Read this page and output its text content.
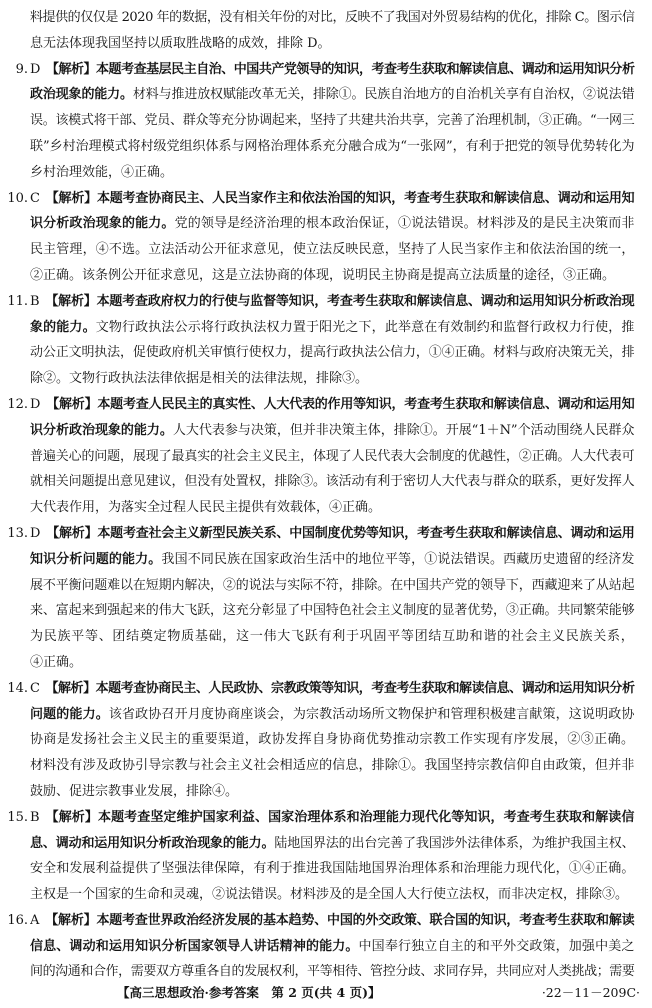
料提供的仅仅是 2020 年的数据，没有相关年份的对比，反映不了我国对外贸易结构的优化，排除 C。图示信
息无法体现我国坚持以质取胜战略的成效，排除 D。
9. D 【解析】本题考查基层民主自治、中国共产党领导的知识，考查考生获取和解读信息、调动和运用知识分析
政治现象的能力。材料与推进放权赋能改革无关，排除①。民族自治地方的自治机关享有自治权，②说法错
误。该模式将干部、党员、群众等充分协调起来，坚持了共建共治共享，完善了治理机制，③正确。“一网三
联”乡村治理模式将村级党组织体系与网格治理体系充分融合成为“一张网”，有利于把党的领导优势转化为
乡村治理效能，④正确。
10. C 【解析】本题考查协商民主、人民当家作主和依法治国的知识，考查考生获取和解读信息、调动和运用知
识分析政治现象的能力。党的领导是经济治理的根本政治保证，①说法错误。材料涉及的是民主决策而非
民主管理，④不选。立法活动公开征求意见，使立法反映民意，坚持了人民当家作主和依法治国的统一，
②正确。该条例公开征求意见，这是立法协商的体现，说明民主协商是提高立法质量的途径，③正确。
11. B 【解析】本题考查政府权力的行使与监督等知识，考查考生获取和解读信息、调动和运用知识分析政治现
象的能力。文物行政执法公示将行政执法权力置于阳光之下，此举意在有效制约和监督行政权力行使，推
动公正文明执法，促使政府机关审慎行使权力，提高行政执法公信力，①④正确。材料与政府决策无关，排
除②。文物行政执法法律依据是相关的法律法规，排除③。
12. D 【解析】本题考查人民民主的真实性、人大代表的作用等知识，考查考生获取和解读信息、调动和运用知
识分析政治现象的能力。人大代表参与决策，但并非决策主体，排除①。开展“1＋N”个活动围绕人民群众
普遍关心的问题，展现了最真实的社会主义民主，体现了人民代表大会制度的优越性，②正确。人大代表可
就相关问题提出意见建议，但没有处置权，排除③。该活动有利于密切人大代表与群众的联系，更好发挥人
大代表作用，为落实全过程人民民主提供有效载体，④正确。
13. D 【解析】本题考查社会主义新型民族关系、中国制度优势等知识，考查考生获取和解读信息、调动和运用
知识分析问题的能力。我国不同民族在国家政治生活中的地位平等，①说法错误。西藏历史遗留的经济发
展不平衡问题难以在短期内解决，②的说法与实际不符，排除。在中国共产党的领导下，西藏迎来了从站起
来、富起来到强起来的伟大飞跃，这充分彰显了中国特色社会主义制度的显著优势，③正确。共同繁荣能够
为民族平等、团结奠定物质基础，这一伟大飞跃有利于巩固平等团结互助和谐的社会主义民族关系，
④正确。
14. C 【解析】本题考查协商民主、人民政协、宗教政策等知识，考查考生获取和解读信息、调动和运用知识分析
问题的能力。该省政协召开月度协商座谈会，为宗教活动场所文物保护和管理积极建言献策，这说明政协
协商是发扬社会主义民主的重要渠道，政协发挥自身协商优势推动宗教工作实现有序发展，②③正确。
材料没有涉及政协引导宗教与社会主义社会相适应的信息，排除①。我国坚持宗教信仰自由政策，但并非
鼓励、促进宗教事业发展，排除④。
15. B 【解析】本题考查坚定维护国家利益、国家治理体系和治理能力现代化等知识，考查考生获取和解读信
息、调动和运用知识分析政治现象的能力。陆地国界法的出台完善了我国涉外法律体系，为维护我国主权、
安全和发展利益提供了坚强法律保障，有利于推进我国陆地国界治理体系和治理能力现代化，①④正确。
主权是一个国家的生命和灵魂，②说法错误。材料涉及的是全国人大行使立法权，而非决定权，排除③。
16. A 【解析】本题考查世界政治经济发展的基本趋势、中国的外交政策、联合国的知识，考查考生获取和解读
信息、调动和运用知识分析国家领导人讲话精神的能力。中国奉行独立自主的和平外交政策，加强中美之
间的沟通和合作，需要双方尊重各自的发展权利，平等相待、管控分歧、求同存异，共同应对人类挑战；需要
【高三思想政治·参考答案　第 2 页(共 4 页)】	·22－11－209C·
